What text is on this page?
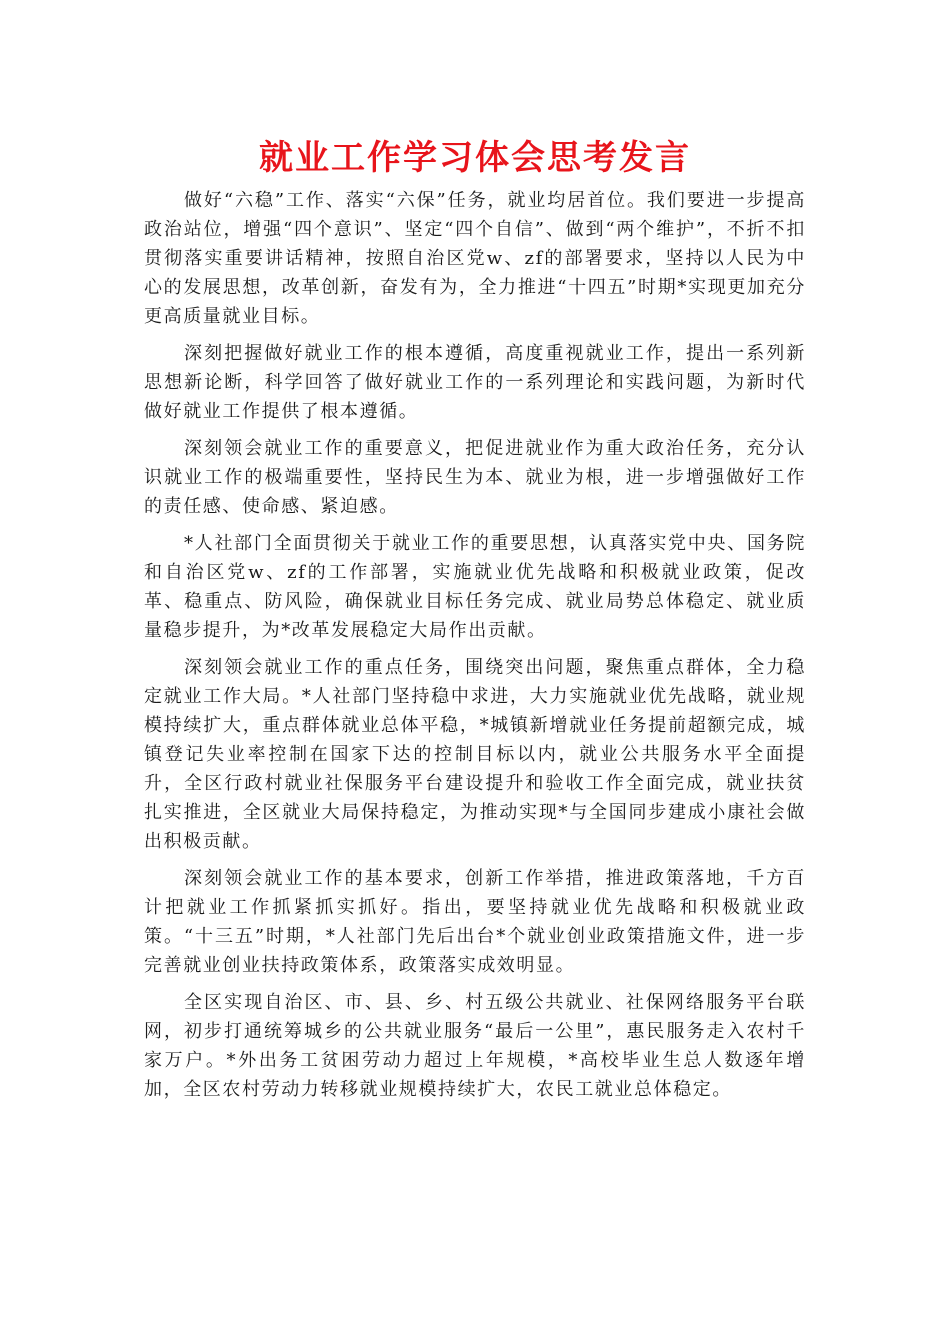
就业工作学习体会思考发言

做好“六稳”工作、落实“六保”任务，就业均居首位。我们要进一步提高政治站位，增强“四个意识”、坚定“四个自信”、做到“两个维护”，不折不扣贯彻落实重要讲话精神，按照自治区党w、zf的部署要求，坚持以人民为中心的发展思想，改革创新，奋发有为，全力推进“十四五”时期*实现更加充分更高质量就业目标。

深刻把握做好就业工作的根本遵循，高度重视就业工作，提出一系列新思想新论断，科学回答了做好就业工作的一系列理论和实践问题，为新时代做好就业工作提供了根本遵循。

深刻领会就业工作的重要意义，把促进就业作为重大政治任务，充分认识就业工作的极端重要性，坚持民生为本、就业为根，进一步增强做好工作的责任感、使命感、紧迫感。

*人社部门全面贯彻关于就业工作的重要思想，认真落实党中央、国务院和自治区党w、zf的工作部署，实施就业优先战略和积极就业政策，促改革、稳重点、防风险，确保就业目标任务完成、就业局势总体稳定、就业质量稳步提升，为*改革发展稳定大局作出贡献。

深刻领会就业工作的重点任务，围绕突出问题，聚焦重点群体，全力稳定就业工作大局。*人社部门坚持稳中求进，大力实施就业优先战略，就业规模持续扩大，重点群体就业总体平稳，*城镇新增就业任务提前超额完成，城镇登记失业率控制在国家下达的控制目标以内，就业公共服务水平全面提升，全区行政村就业社保服务平台建设提升和验收工作全面完成，就业扶贫扎实推进，全区就业大局保持稳定，为推动实现*与全国同步建成小康社会做出积极贡献。

深刻领会就业工作的基本要求，创新工作举措，推进政策落地，千方百计把就业工作抓紧抓实抓好。指出，要坚持就业优先战略和积极就业政策。“十三五”时期，*人社部门先后出台*个就业创业政策措施文件，进一步完善就业创业扶持政策体系，政策落实成效明显。

全区实现自治区、市、县、乡、村五级公共就业、社保网络服务平台联网，初步打通统筹城乡的公共就业服务“最后一公里”，惠民服务走入农村千家万户。*外出务工贫困劳动力超过上年规模，*高校毕业生总人数逐年增加，全区农村劳动力转移就业规模持续扩大，农民工就业总体稳定。
